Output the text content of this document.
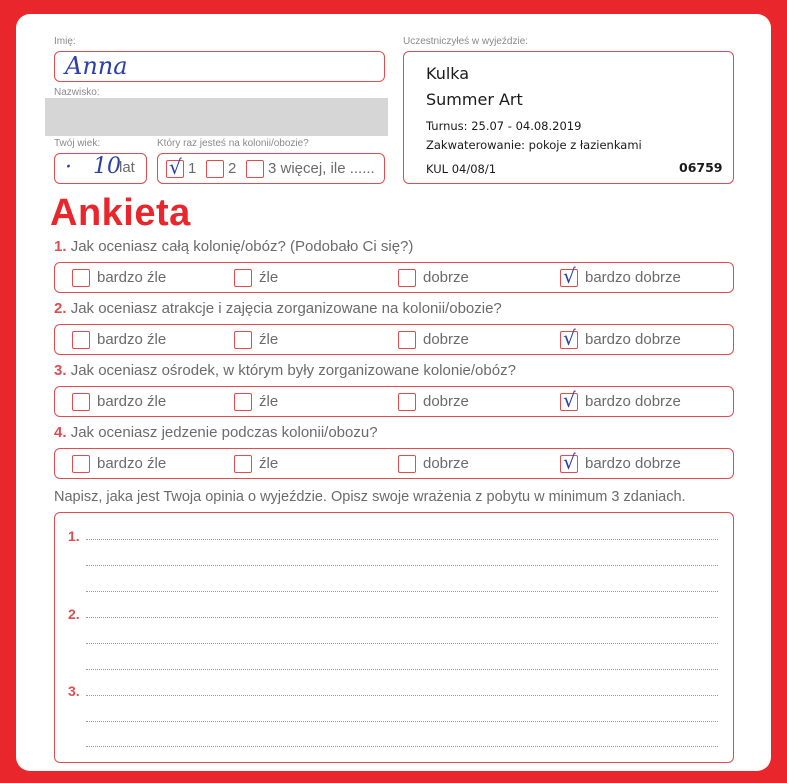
Imię:
Anna
Nazwisko:
Twój wiek:
· 10
lat
Który raz jesteś na kolonii/obozie?
√ 1 2 3 więcej, ile ......
Uczestniczyłeś w wyjeździe:
Kulka
Summer Art
Turnus: 25.07 - 04.08.2019
Zakwaterowanie: pokoje z łazienkami
KUL 04/08/1	06759
Ankieta
1. Jak oceniasz całą kolonię/obóz? (Podobało Ci się?)
bardzo źle	źle	dobrze	bardzo dobrze
√
2. Jak oceniasz atrakcje i zajęcia zorganizowane na kolonii/obozie?
bardzo źle	źle	dobrze	bardzo dobrze
√
3. Jak oceniasz ośrodek, w którym były zorganizowane kolonie/obóz?
bardzo źle	źle	dobrze	bardzo dobrze
√
4. Jak oceniasz jedzenie podczas kolonii/obozu?
bardzo źle	źle	dobrze	bardzo dobrze
√
Napisz, jaka jest Twoja opinia o wyjeździe. Opisz swoje wrażenia z pobytu w minimum 3 zdaniach.
1.
2.
3.
